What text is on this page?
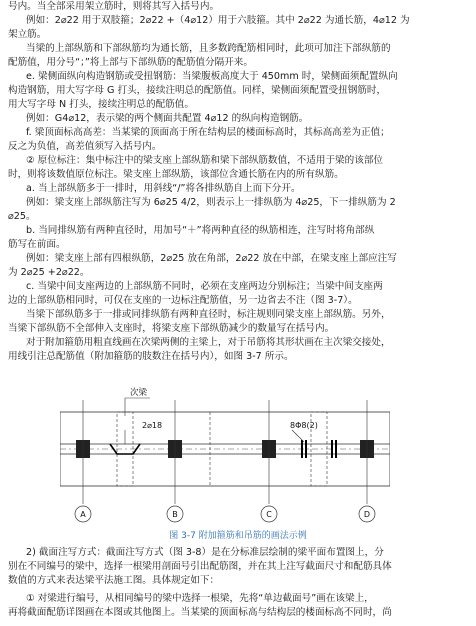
号内。当全部采用架立筋时，则将其写入括号内。
例如：2⌀22 用于双肢箍；2⌀22 +（4⌀12）用于六肢箍。其中 2⌀22 为通长筋，4⌀12 为
架立筋。
当梁的上部纵筋和下部纵筋均为通长筋，且多数跨配筋相同时，此项可加注下部纵筋的
配筋值，用分号“；”将上部与下部纵筋的配筋值分隔开来。
e. 梁侧面纵向构造钢筋或受扭钢筋：当梁腹板高度大于 450mm 时，梁侧面须配置纵向
构造钢筋，用大写字母 G 打头，接续注明总的配筋值。同样，梁侧面须配置受扭钢筋时，
用大写字母 N 打头，接续注明总的配筋值。
例如：G4⌀12，表示梁的两个侧面共配置 4⌀12 的纵向构造钢筋。
f. 梁顶面标高高差：当某梁的顶面高于所在结构层的楼面标高时，其标高高差为正值；
反之为负值，高差值须写入括号内。
② 原位标注：集中标注中的梁支座上部纵筋和梁下部纵筋数值，不适用于梁的该部位
时，则将该数值原位标注。梁支座上部纵筋，该部位含通长筋在内的所有纵筋。
a. 当上部纵筋多于一排时，用斜线“/”将各排纵筋自上而下分开。
例如：梁支座上部纵筋注写为 6⌀25 4/2，则表示上一排纵筋为 4⌀25，下一排纵筋为 2
⌀25。
b. 当同排纵筋有两种直径时，用加号“＋”将两种直径的纵筋相连，注写时将角部纵
筋写在前面。
例如：梁支座上部有四根纵筋，2⌀25 放在角部，2⌀22 放在中部，在梁支座上部应注写
为 2⌀25 +2⌀22。
c. 当梁中间支座两边的上部纵筋不同时，必须在支座两边分别标注；当梁中间支座两
边的上部纵筋相同时，可仅在支座的一边标注配筋值，另一边省去不注（图 3-7）。
当梁下部纵筋多于一排或同排纵筋有两种直径时，标注规则同梁支座上部纵筋。另外，
当梁下部纵筋不全部伸入支座时，将梁支座下部纵筋减少的数量写在括号内。
对于附加箍筋用粗直线画在次梁两侧的主梁上，对于吊筋将其形状画在主次梁交接处，
用线引注总配筋值（附加箍筋的肢数注在括号内），如图 3-7 所示。
次梁
2⌀18	8Φ8(2)
A	B	C	D
图 3-7 附加箍筋和吊筋的画法示例
2) 截面注写方式：截面注写方式（图 3-8）是在分标准层绘制的梁平面布置图上，分
别在不同编号的梁中，选择一根梁用剖面号引出配筋图，并在其上注写截面尺寸和配筋具体
数值的方式来表达梁平法施工图。具体规定如下：
① 对梁进行编号，从相同编号的梁中选择一根梁，先将“单边截面号”画在该梁上，
再将截面配筋详图画在本图或其他图上。当某梁的顶面标高与结构层的楼面标高不同时，尚
